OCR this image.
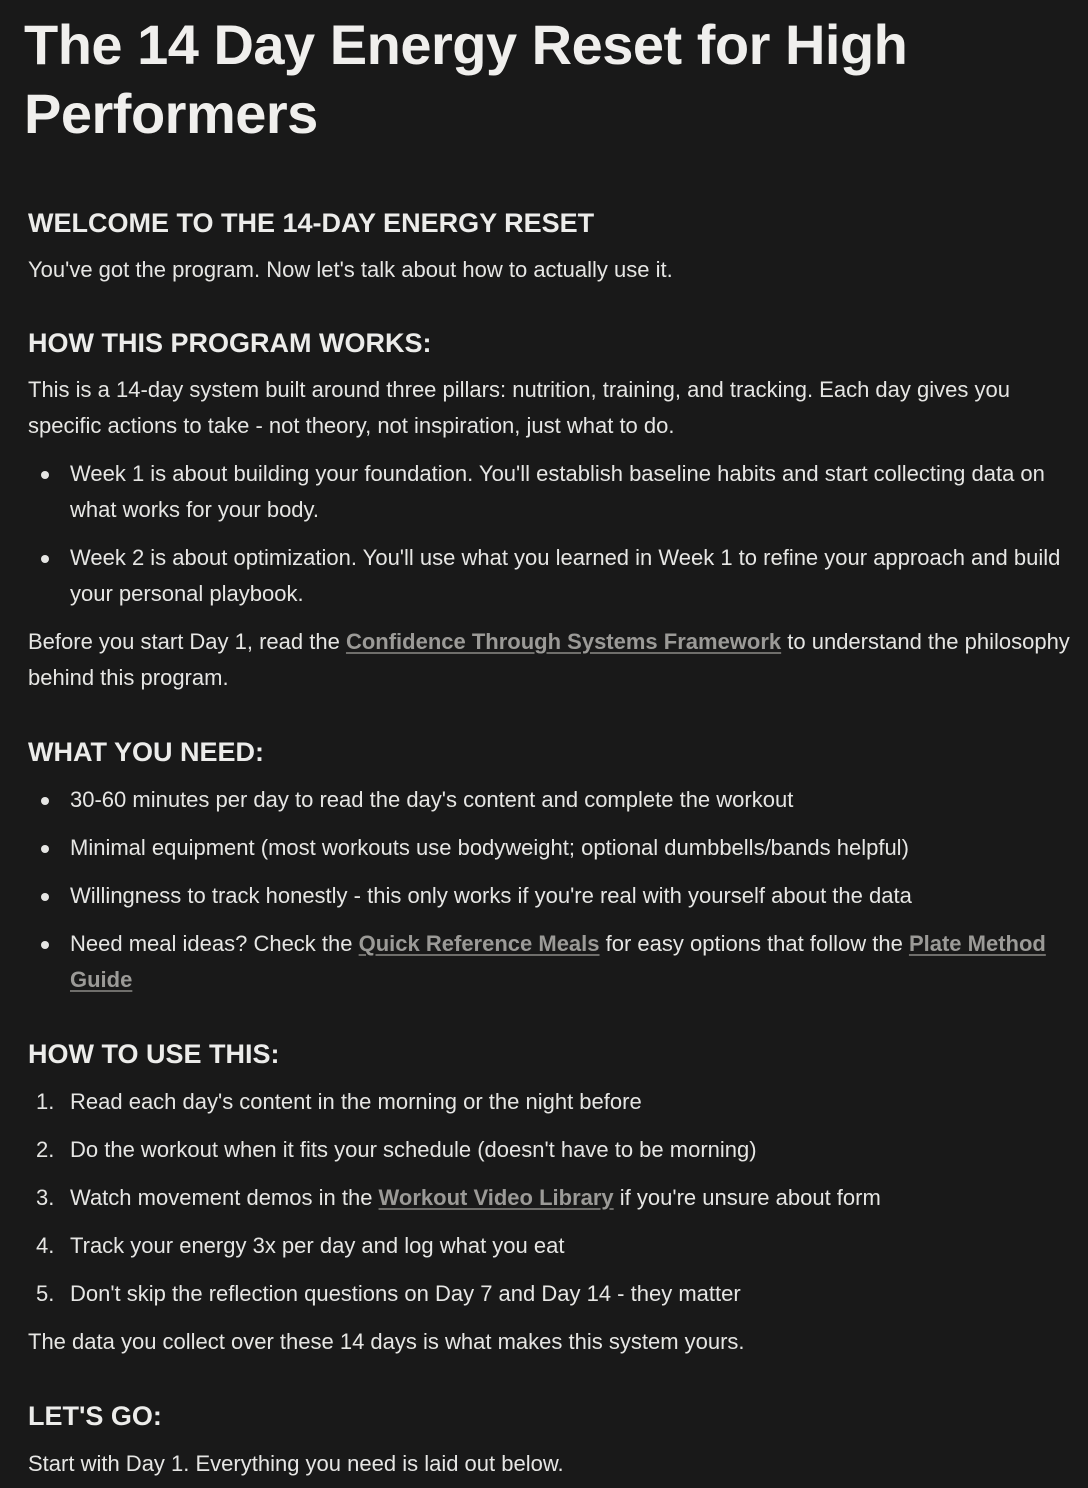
The 14 Day Energy Reset for High Performers
WELCOME TO THE 14-DAY ENERGY RESET

You've got the program. Now let's talk about how to actually use it.

HOW THIS PROGRAM WORKS:

This is a 14-day system built around three pillars: nutrition, training, and tracking. Each day gives you specific actions to take - not theory, not inspiration, just what to do.

Week 1 is about building your foundation. You'll establish baseline habits and start collecting data on what works for your body.
Week 2 is about optimization. You'll use what you learned in Week 1 to refine your approach and build your personal playbook.

Before you start Day 1, read the Confidence Through Systems Framework to understand the philosophy behind this program.

WHAT YOU NEED:
30-60 minutes per day to read the day's content and complete the workout
Minimal equipment (most workouts use bodyweight; optional dumbbells/bands helpful)
Willingness to track honestly - this only works if you're real with yourself about the data
Need meal ideas? Check the Quick Reference Meals for easy options that follow the Plate Method Guide
HOW TO USE THIS:
1. Read each day's content in the morning or the night before
2. Do the workout when it fits your schedule (doesn't have to be morning)
3. Watch movement demos in the Workout Video Library if you're unsure about form
4. Track your energy 3x per day and log what you eat
5. Don't skip the reflection questions on Day 7 and Day 14 - they matter

The data you collect over these 14 days is what makes this system yours.

LET'S GO:

Start with Day 1. Everything you need is laid out below.
